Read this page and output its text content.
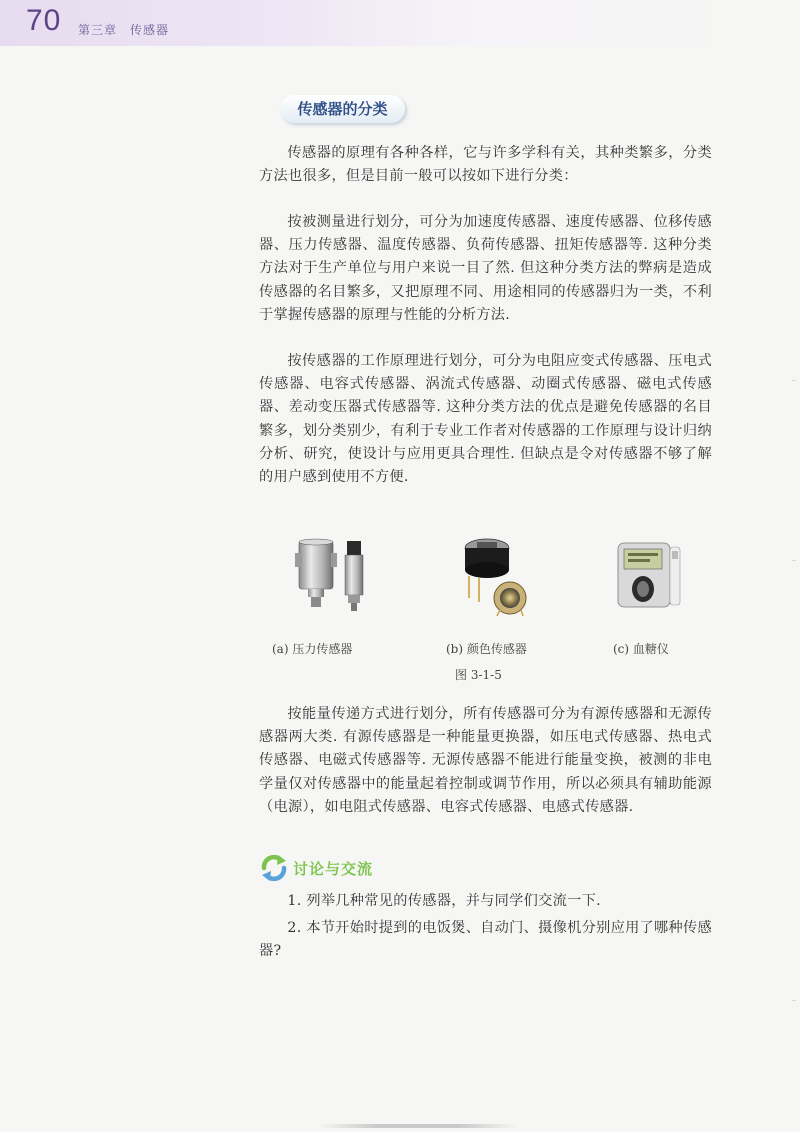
70 第三章　传感器
传感器的分类

传感器的原理有各种各样，它与许多学科有关，其种类繁多，分类方法也很多，但是目前一般可以按如下进行分类：

按被测量进行划分，可分为加速度传感器、速度传感器、位移传感器、压力传感器、温度传感器、负荷传感器、扭矩传感器等. 这种分类方法对于生产单位与用户来说一目了然. 但这种分类方法的弊病是造成传感器的名目繁多，又把原理不同、用途相同的传感器归为一类，不利于掌握传感器的原理与性能的分析方法.

按传感器的工作原理进行划分，可分为电阻应变式传感器、压电式传感器、电容式传感器、涡流式传感器、动圈式传感器、磁电式传感器、差动变压器式传感器等. 这种分类方法的优点是避免传感器的名目繁多，划分类别少，有利于专业工作者对传感器的工作原理与设计归纳分析、研究，使设计与应用更具合理性. 但缺点是令对传感器不够了解的用户感到使用不方便.

(a) 压力传感器	(b) 颜色传感器	(c) 血糖仪
图 3-1-5

按能量传递方式进行划分，所有传感器可分为有源传感器和无源传感器两大类. 有源传感器是一种能量更换器，如压电式传感器、热电式传感器、电磁式传感器等. 无源传感器不能进行能量变换，被测的非电学量仅对传感器中的能量起着控制或调节作用，所以必须具有辅助能源（电源），如电阻式传感器、电容式传感器、电感式传感器.

讨论与交流

1. 列举几种常见的传感器，并与同学们交流一下.

2. 本节开始时提到的电饭煲、自动门、摄像机分别应用了哪种传感器?
